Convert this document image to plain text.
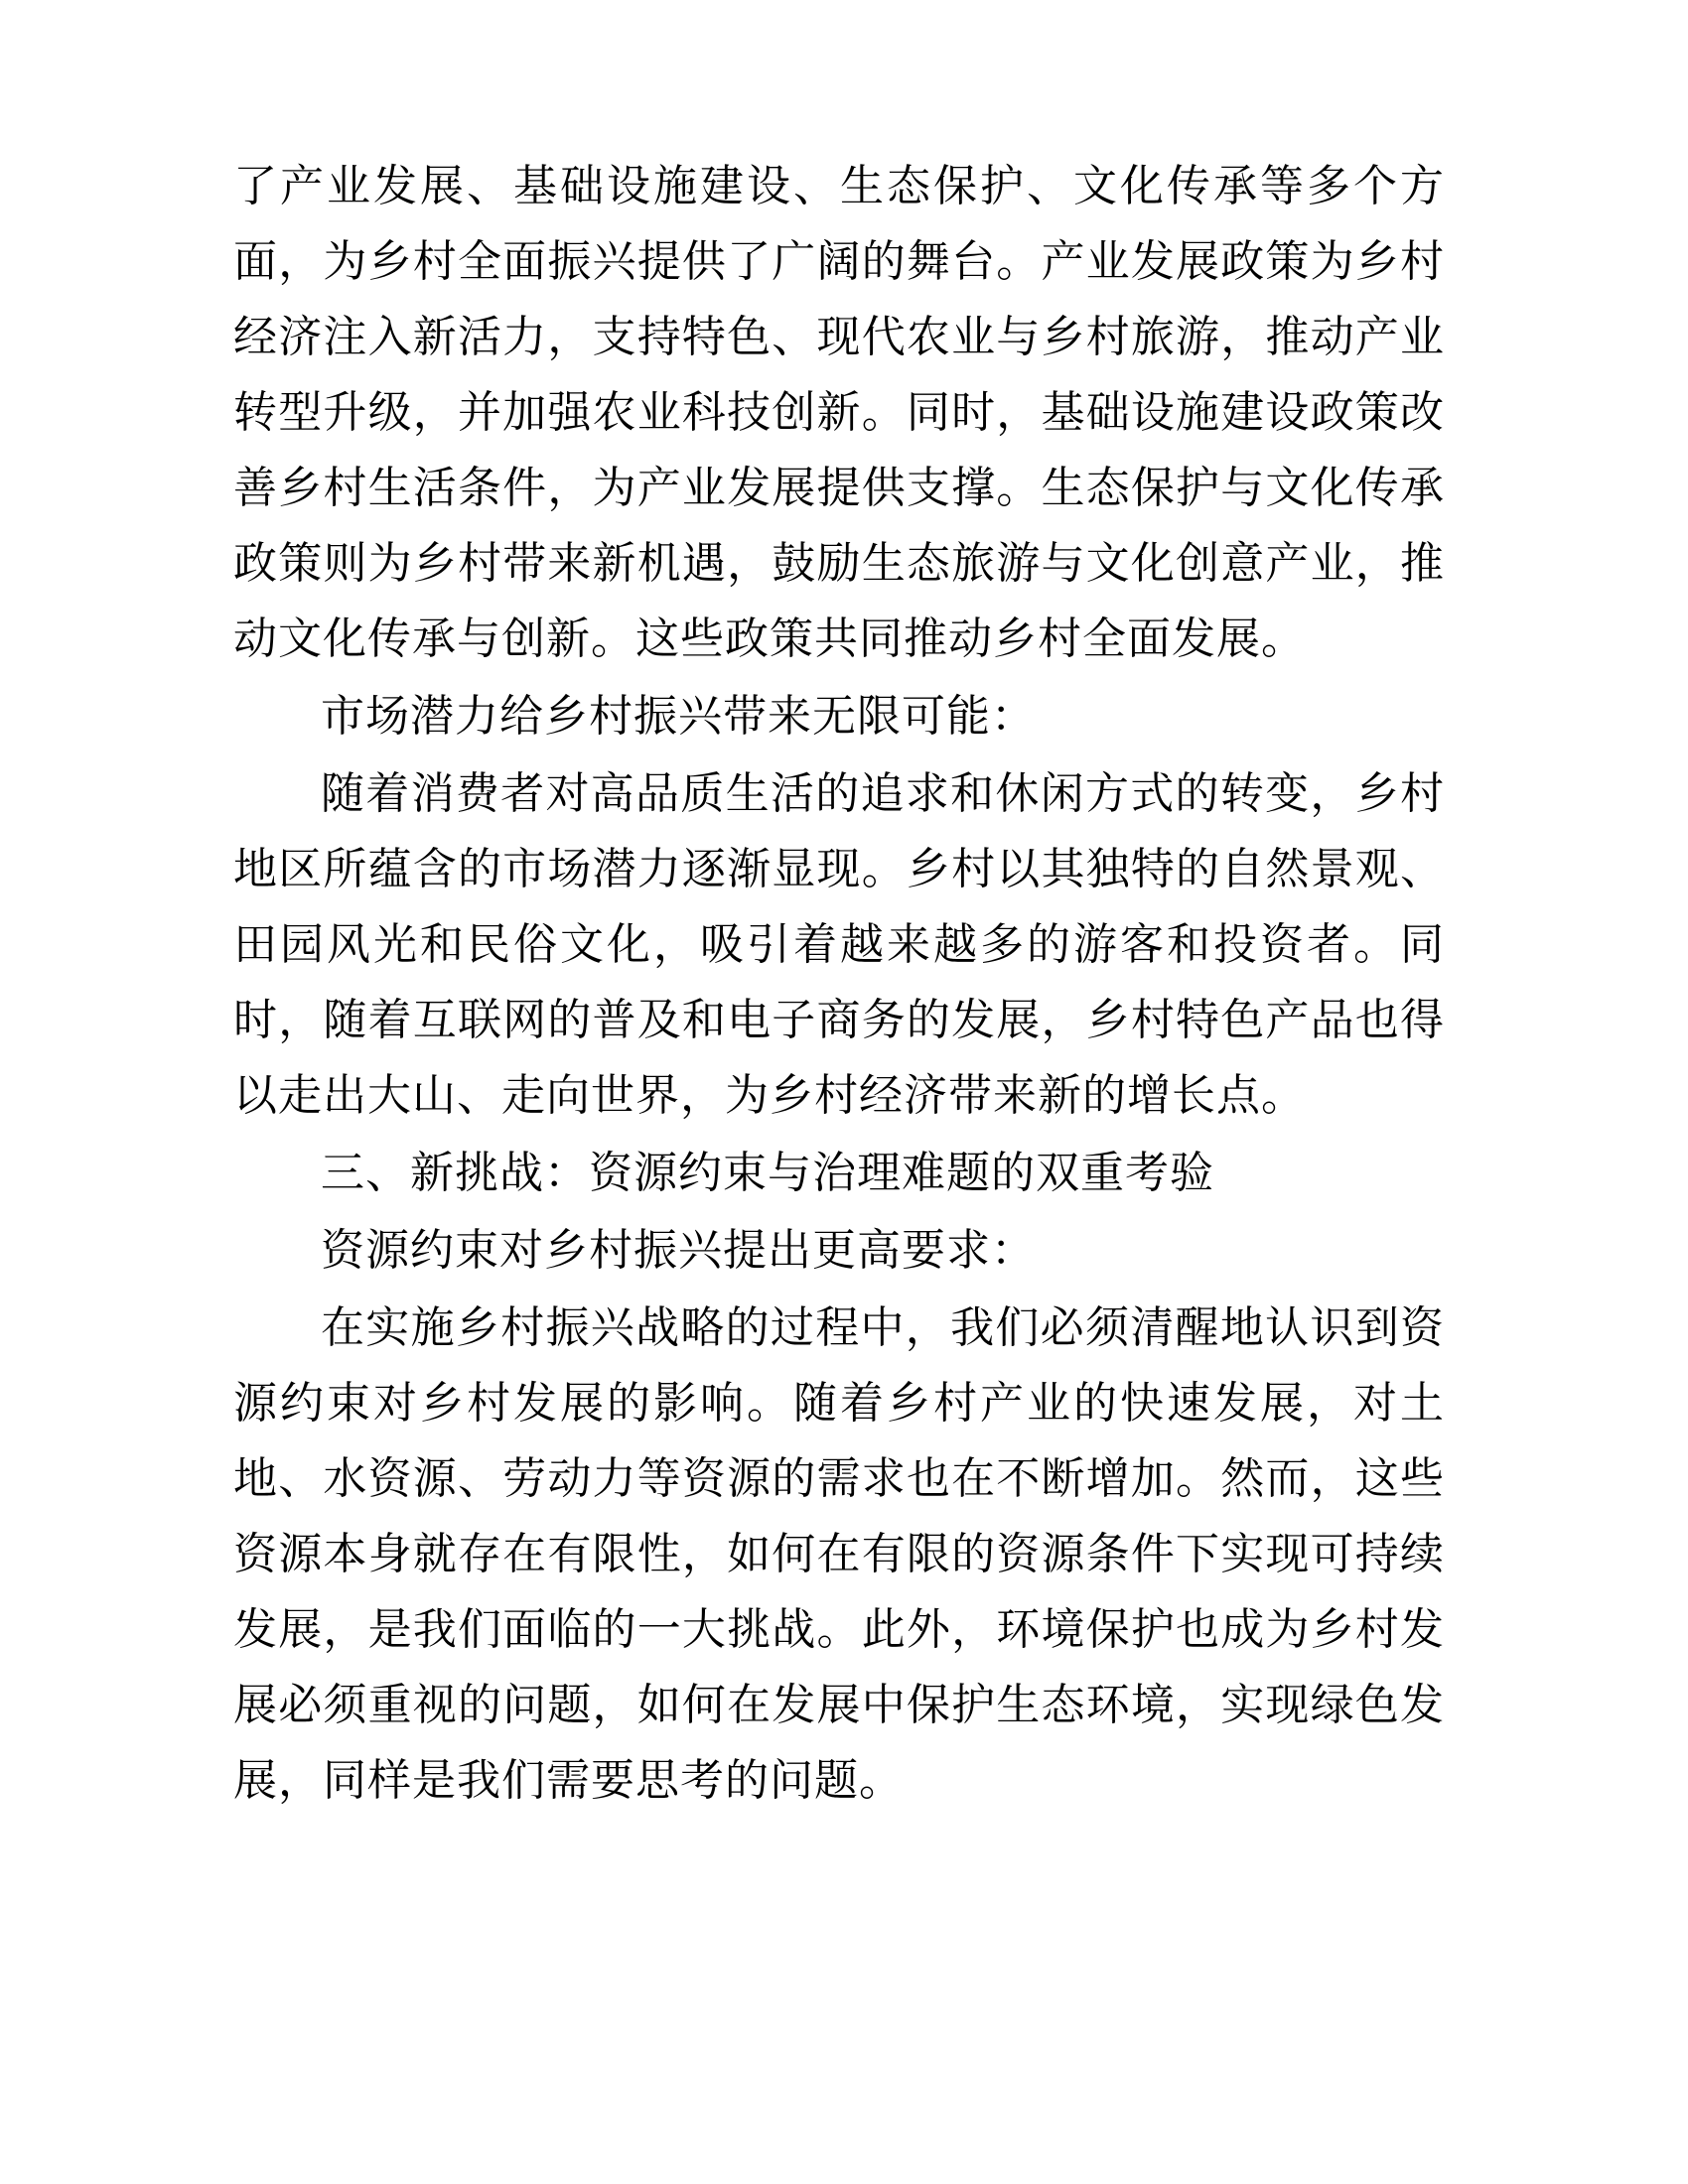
了产业发展、基础设施建设、生态保护、文化传承等多个方面，为乡村全面振兴提供了广阔的舞台。产业发展政策为乡村经济注入新活力，支持特色、现代农业与乡村旅游，推动产业转型升级，并加强农业科技创新。同时，基础设施建设政策改善乡村生活条件，为产业发展提供支撑。生态保护与文化传承政策则为乡村带来新机遇，鼓励生态旅游与文化创意产业，推动文化传承与创新。这些政策共同推动乡村全面发展。

市场潜力给乡村振兴带来无限可能：

随着消费者对高品质生活的追求和休闲方式的转变，乡村地区所蕴含的市场潜力逐渐显现。乡村以其独特的自然景观、田园风光和民俗文化，吸引着越来越多的游客和投资者。同时，随着互联网的普及和电子商务的发展，乡村特色产品也得以走出大山、走向世界，为乡村经济带来新的增长点。

三、新挑战：资源约束与治理难题的双重考验

资源约束对乡村振兴提出更高要求：

在实施乡村振兴战略的过程中，我们必须清醒地认识到资源约束对乡村发展的影响。随着乡村产业的快速发展，对土地、水资源、劳动力等资源的需求也在不断增加。然而，这些资源本身就存在有限性，如何在有限的资源条件下实现可持续发展，是我们面临的一大挑战。此外，环境保护也成为乡村发展必须重视的问题，如何在发展中保护生态环境，实现绿色发展，同样是我们需要思考的问题。
